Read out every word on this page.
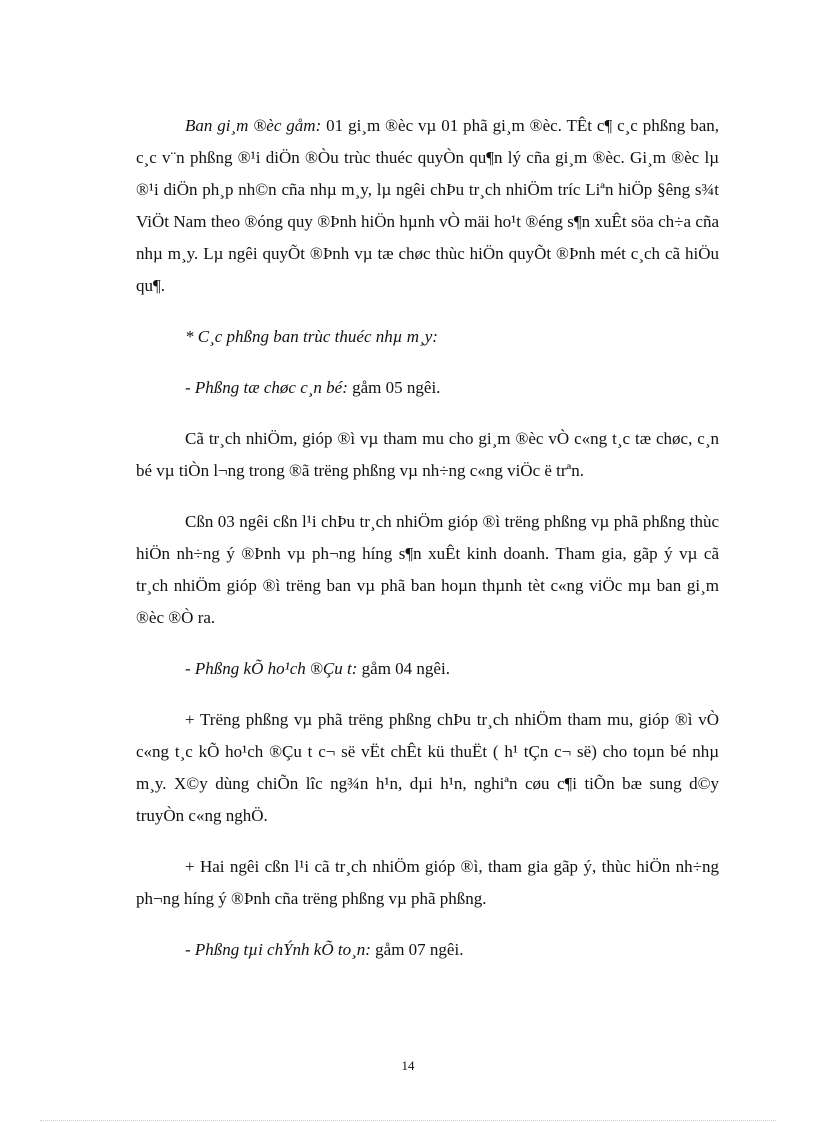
Ban gi¸m ®èc gåm: 01 gi¸m ®èc vµ 01 phã gi¸m ®èc. TÊt c¶ c¸c phßng ban, c¸c v¨n phßng ®¹i diÖn ®Òu trùc thuéc quyÒn qu¶n lý cña gi¸m ®èc. Gi¸m ®èc lµ ®¹i diÖn ph¸p nh©n cña nhµ m¸y, lµ ngêi chÞu tr¸ch nhiÖm tríc Liªn hiÖp §êng s¾t ViÖt Nam theo ®óng quy ®Þnh hiÖn hµnh vÒ mäi ho¹t ®éng s¶n xuÊt söa ch÷a cña nhµ m¸y. Lµ ngêi quyÕt ®Þnh vµ tæ chøc thùc hiÖn quyÕt ®Þnh mét c¸ch cã hiÖu qu¶.

* C¸c phßng ban trùc thuéc nhµ m¸y:

- Phßng tæ chøc c¸n bé: gåm 05 ngêi.

Cã tr¸ch nhiÖm, gióp ®ì vµ tham mu cho gi¸m ®èc vÒ c«ng t¸c tæ chøc, c¸n bé vµ tiÒn l¬ng trong ®ã trëng phßng vµ nh÷ng c«ng viÖc ë trªn.

Cßn 03 ngêi cßn l¹i chÞu tr¸ch nhiÖm gióp ®ì trëng phßng vµ phã phßng thùc hiÖn nh÷ng ý ®Þnh vµ ph¬ng híng s¶n xuÊt kinh doanh. Tham gia, gãp ý vµ cã tr¸ch nhiÖm gióp ®ì trëng ban vµ phã ban hoµn thµnh tèt c«ng viÖc mµ ban gi¸m ®èc ®Ò ra.

- Phßng kÕ ho¹ch ®Çu t: gåm 04 ngêi.

+ Trëng phßng vµ phã trëng phßng chÞu tr¸ch nhiÖm tham mu, gióp ®ì vÒ c«ng t¸c kÕ ho¹ch ®Çu t c¬ së vËt chÊt kü thuËt ( h¹ tÇn c¬ së) cho toµn bé nhµ m¸y. X©y dùng chiÕn lîc ng¾n h¹n, dµi h¹n, nghiªn cøu c¶i tiÕn bæ sung d©y truyÒn c«ng nghÖ.

+ Hai ngêi cßn l¹i cã tr¸ch nhiÖm gióp ®ì, tham gia gãp ý, thùc hiÖn nh÷ng ph¬ng híng ý ®Þnh cña trëng phßng vµ phã phßng.

- Phßng tµi chÝnh kÕ to¸n: gåm 07 ngêi.

14
